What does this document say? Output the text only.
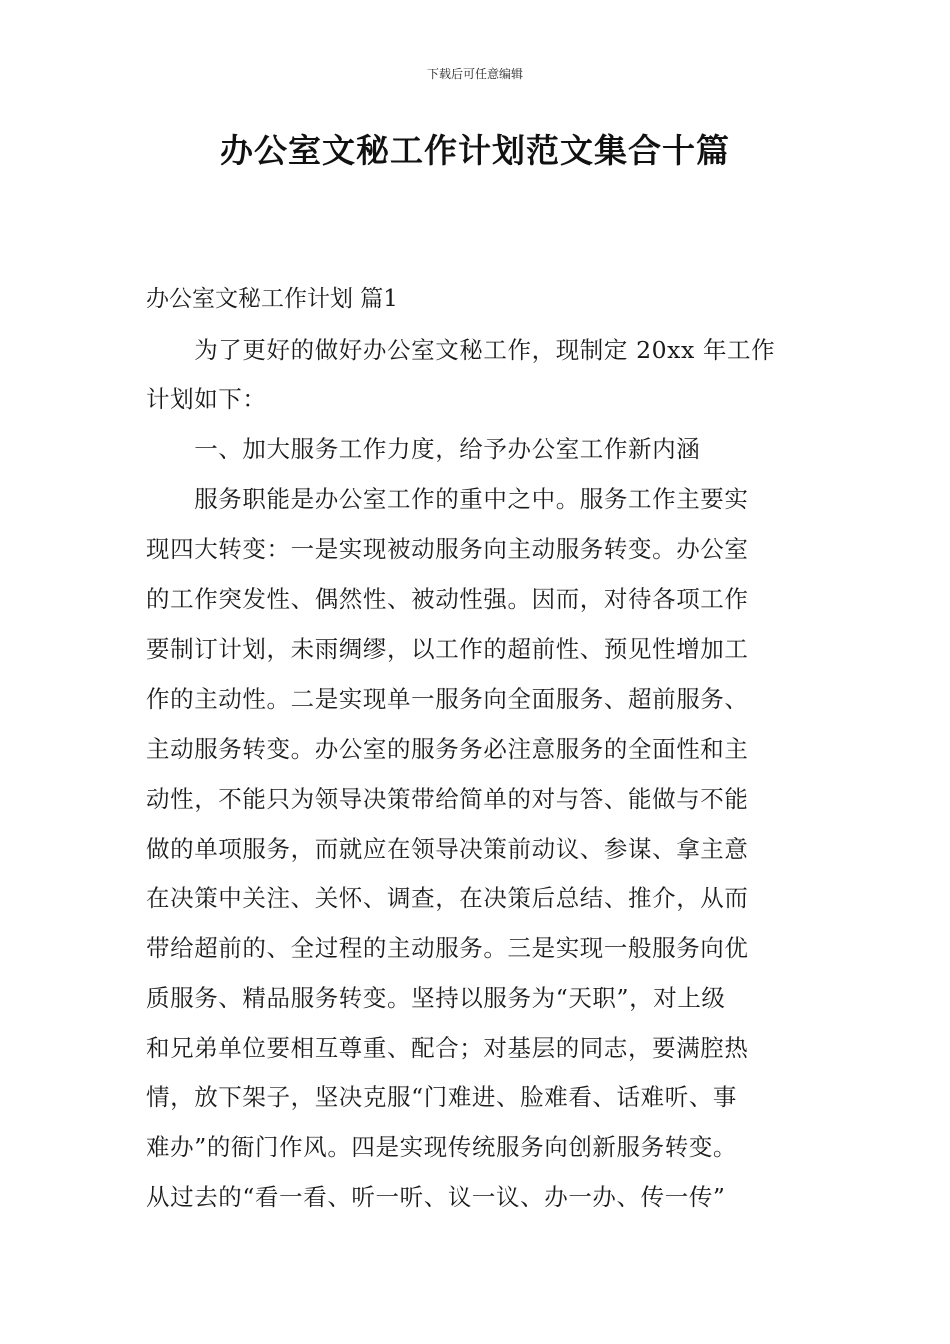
下载后可任意编辑
办公室文秘工作计划范文集合十篇
办公室文秘工作计划 篇1
　　为了更好的做好办公室文秘工作，现制定 20xx 年工作
计划如下：
　　一、加大服务工作力度，给予办公室工作新内涵
　　服务职能是办公室工作的重中之中。服务工作主要实
现四大转变：一是实现被动服务向主动服务转变。办公室
的工作突发性、偶然性、被动性强。因而，对待各项工作
要制订计划，未雨绸缪，以工作的超前性、预见性增加工
作的主动性。二是实现单一服务向全面服务、超前服务、
主动服务转变。办公室的服务务必注意服务的全面性和主
动性，不能只为领导决策带给简单的对与答、能做与不能
做的单项服务，而就应在领导决策前动议、参谋、拿主意
在决策中关注、关怀、调查，在决策后总结、推介，从而
带给超前的、全过程的主动服务。三是实现一般服务向优
质服务、精品服务转变。坚持以服务为“天职”，对上级
和兄弟单位要相互尊重、配合；对基层的同志，要满腔热
情，放下架子，坚决克服“门难进、脸难看、话难听、事
难办”的衙门作风。四是实现传统服务向创新服务转变。
从过去的“看一看、听一听、议一议、办一办、传一传”
